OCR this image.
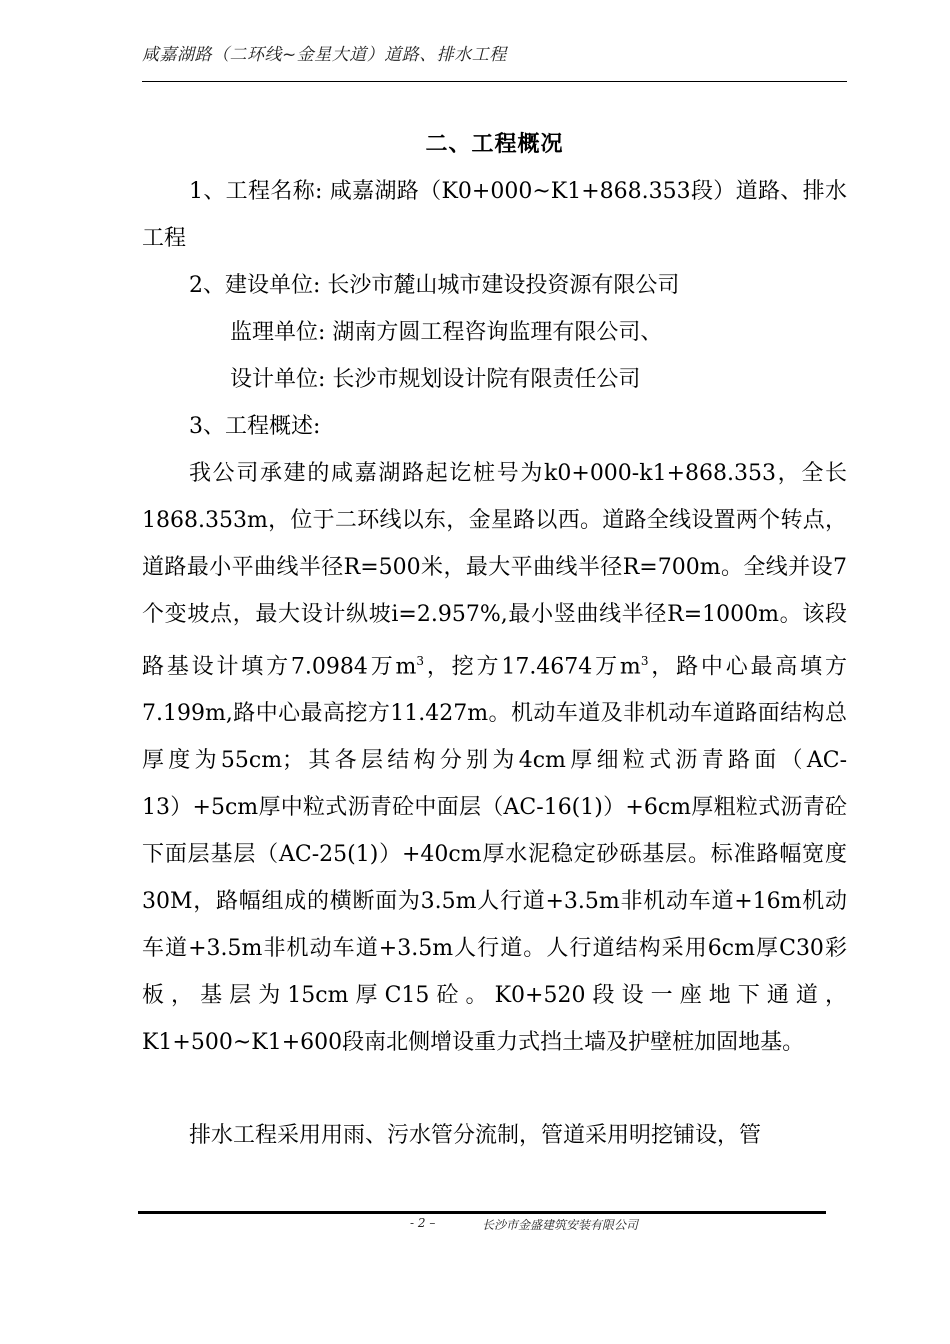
咸嘉湖路（二环线~金星大道）道路、排水工程
二、工程概况

1、工程名称: 咸嘉湖路（K0+000~K1+868.353段）道路、排水工程

2、建设单位: 长沙市麓山城市建设投资源有限公司

监理单位: 湖南方圆工程咨询监理有限公司、

设计单位: 长沙市规划设计院有限责任公司

3、工程概述:

我公司承建的咸嘉湖路起讫桩号为k0+000-k1+868.353，全长1868.353m，位于二环线以东，金星路以西。道路全线设置两个转点，道路最小平曲线半径R=500米，最大平曲线半径R=700m。全线并设7个变坡点，最大设计纵坡i=2.957%,最小竖曲线半径R=1000m。该段路基设计填方7.0984万$m^3$，挖方17.4674万$m^3$，路中心最高填方7.199m,路中心最高挖方11.427m。机动车道及非机动车道路面结构总厚度为55cm；其各层结构分别为4cm厚细粒式沥青路面（AC-13）+5cm厚中粒式沥青砼中面层（AC-16(1)）+6cm厚粗粒式沥青砼下面层基层（AC-25(1)）+40cm厚水泥稳定砂砾基层。标准路幅宽度30M，路幅组成的横断面为3.5m人行道+3.5m非机动车道+16m机动车道+3.5m非机动车道+3.5m人行道。人行道结构采用6cm厚C30彩板，基层为15cm厚C15砼。K0+520段设一座地下通道，K1+500~K1+600段南北侧增设重力式挡土墙及护壁桩加固地基。

排水工程采用用雨、污水管分流制，管道采用明挖铺设，管

- 2 –	长沙市金盛建筑安装有限公司
